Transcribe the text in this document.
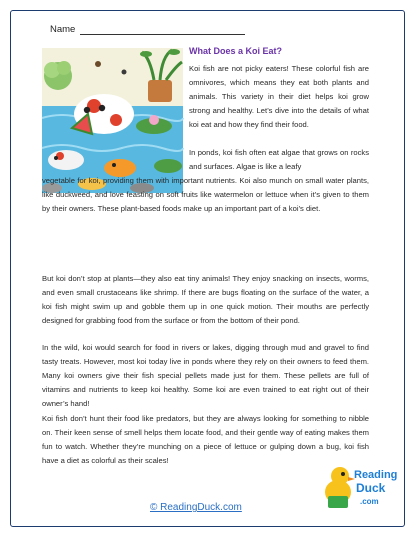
Name
What Does a Koi Eat?

Koi fish are not picky eaters! These colorful fish are omnivores, which means they eat both plants and animals. This variety in their diet helps koi grow strong and healthy. Let’s dive into the details of what koi eat and how they find their food.

In ponds, koi fish often eat algae that grows on rocks and surfaces. Algae is like a leafy

vegetable for koi, providing them with important nutrients. Koi also munch on small water plants, like duckweed, and love feasting on soft fruits like watermelon or lettuce when it’s given to them by their owners. These plant-based foods make up an important part of a koi’s diet.

But koi don’t stop at plants—they also eat tiny animals! They enjoy snacking on insects, worms, and even small crustaceans like shrimp. If there are bugs floating on the surface of the water, a koi fish might swim up and gobble them up in one quick motion. Their mouths are perfectly designed for grabbing food from the surface or from the bottom of their pond.

In the wild, koi would search for food in rivers or lakes, digging through mud and gravel to find tasty treats. However, most koi today live in ponds where they rely on their owners to feed them. Many koi owners give their fish special pellets made just for them. These pellets are full of vitamins and nutrients to keep koi healthy. Some koi are even trained to eat right out of their owner’s hand!

Koi fish don’t hunt their food like predators, but they are always looking for something to nibble on. Their keen sense of smell helps them locate food, and their gentle way of eating makes them fun to watch. Whether they’re munching on a piece of lettuce or gulping down a bug, koi fish have a diet as colorful as their scales!

© ReadingDuck.com
Reading
Duck
.com
